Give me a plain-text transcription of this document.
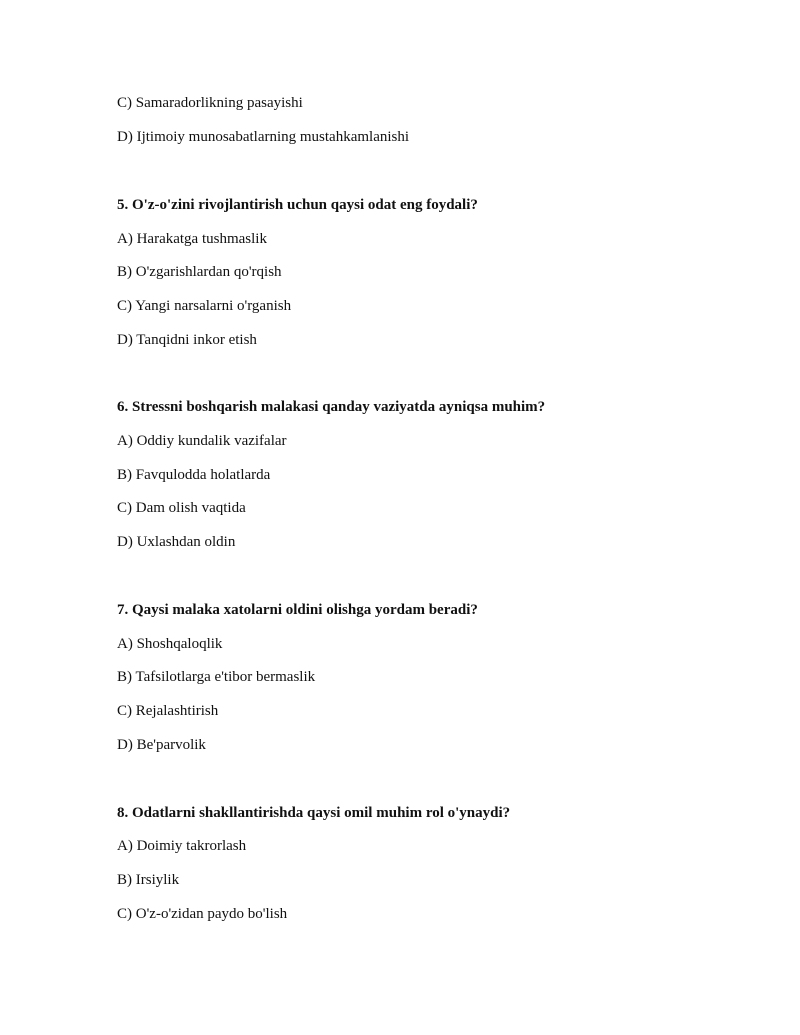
C) Samaradorlikning pasayishi
D) Ijtimoiy munosabatlarning mustahkamlanishi
5. O'z-o'zini rivojlantirish uchun qaysi odat eng foydali?
A) Harakatga tushmaslik
B) O'zgarishlardan qo'rqish
C) Yangi narsalarni o'rganish
D) Tanqidni inkor etish
6. Stressni boshqarish malakasi qanday vaziyatda ayniqsa muhim?
A) Oddiy kundalik vazifalar
B) Favqulodda holatlarda
C) Dam olish vaqtida
D) Uxlashdan oldin
7. Qaysi malaka xatolarni oldini olishga yordam beradi?
A) Shoshqaloqlik
B) Tafsilotlarga e'tibor bermaslik
C) Rejalashtirish
D) Be'parvolik
8. Odatlarni shakllantirishda qaysi omil muhim rol o'ynaydi?
A) Doimiy takrorlash
B) Irsiylik
C) O'z-o'zidan paydo bo'lish
